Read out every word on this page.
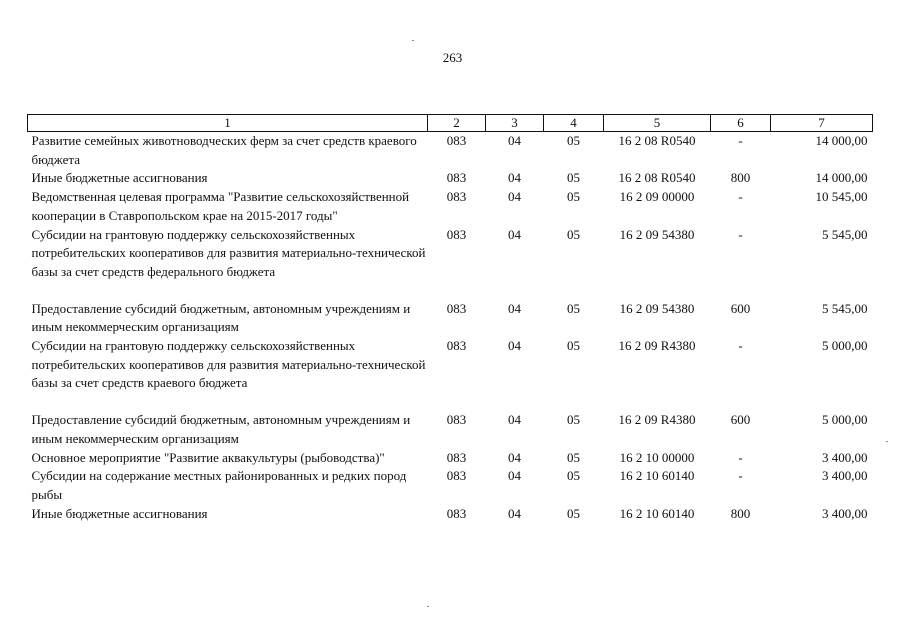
263
1	2	3	4	5	6	7
Развитие семейных животноводческих ферм за счет средств краевого бюджета	083	04	05	16 2 08 R0540	-	14 000,00
Иные бюджетные ассигнования	083	04	05	16 2 08 R0540	800	14 000,00
Ведомственная целевая программа "Развитие сельскохозяйственной кооперации в Ставропольском крае на 2015-2017 годы"	083	04	05	16 2 09 00000	-	10 545,00
Субсидии на грантовую поддержку сельскохозяйственных потребительских кооперативов для развития материально-технической базы за счет средств федерального бюджета	083	04	05	16 2 09 54380	-	5 545,00
Предоставление субсидий бюджетным, автономным учреждениям и иным некоммерческим организациям	083	04	05	16 2 09 54380	600	5 545,00
Субсидии на грантовую поддержку сельскохозяйственных потребительских кооперативов для развития материально-технической базы за счет средств краевого бюджета	083	04	05	16 2 09 R4380	-	5 000,00
Предоставление субсидий бюджетным, автономным учреждениям и иным некоммерческим организациям	083	04	05	16 2 09 R4380	600	5 000,00
Основное мероприятие "Развитие аквакультуры (рыбоводства)"	083	04	05	16 2 10 00000	-	3 400,00
Субсидии на содержание местных районированных и редких пород рыбы	083	04	05	16 2 10 60140	-	3 400,00
Иные бюджетные ассигнования	083	04	05	16 2 10 60140	800	3 400,00
